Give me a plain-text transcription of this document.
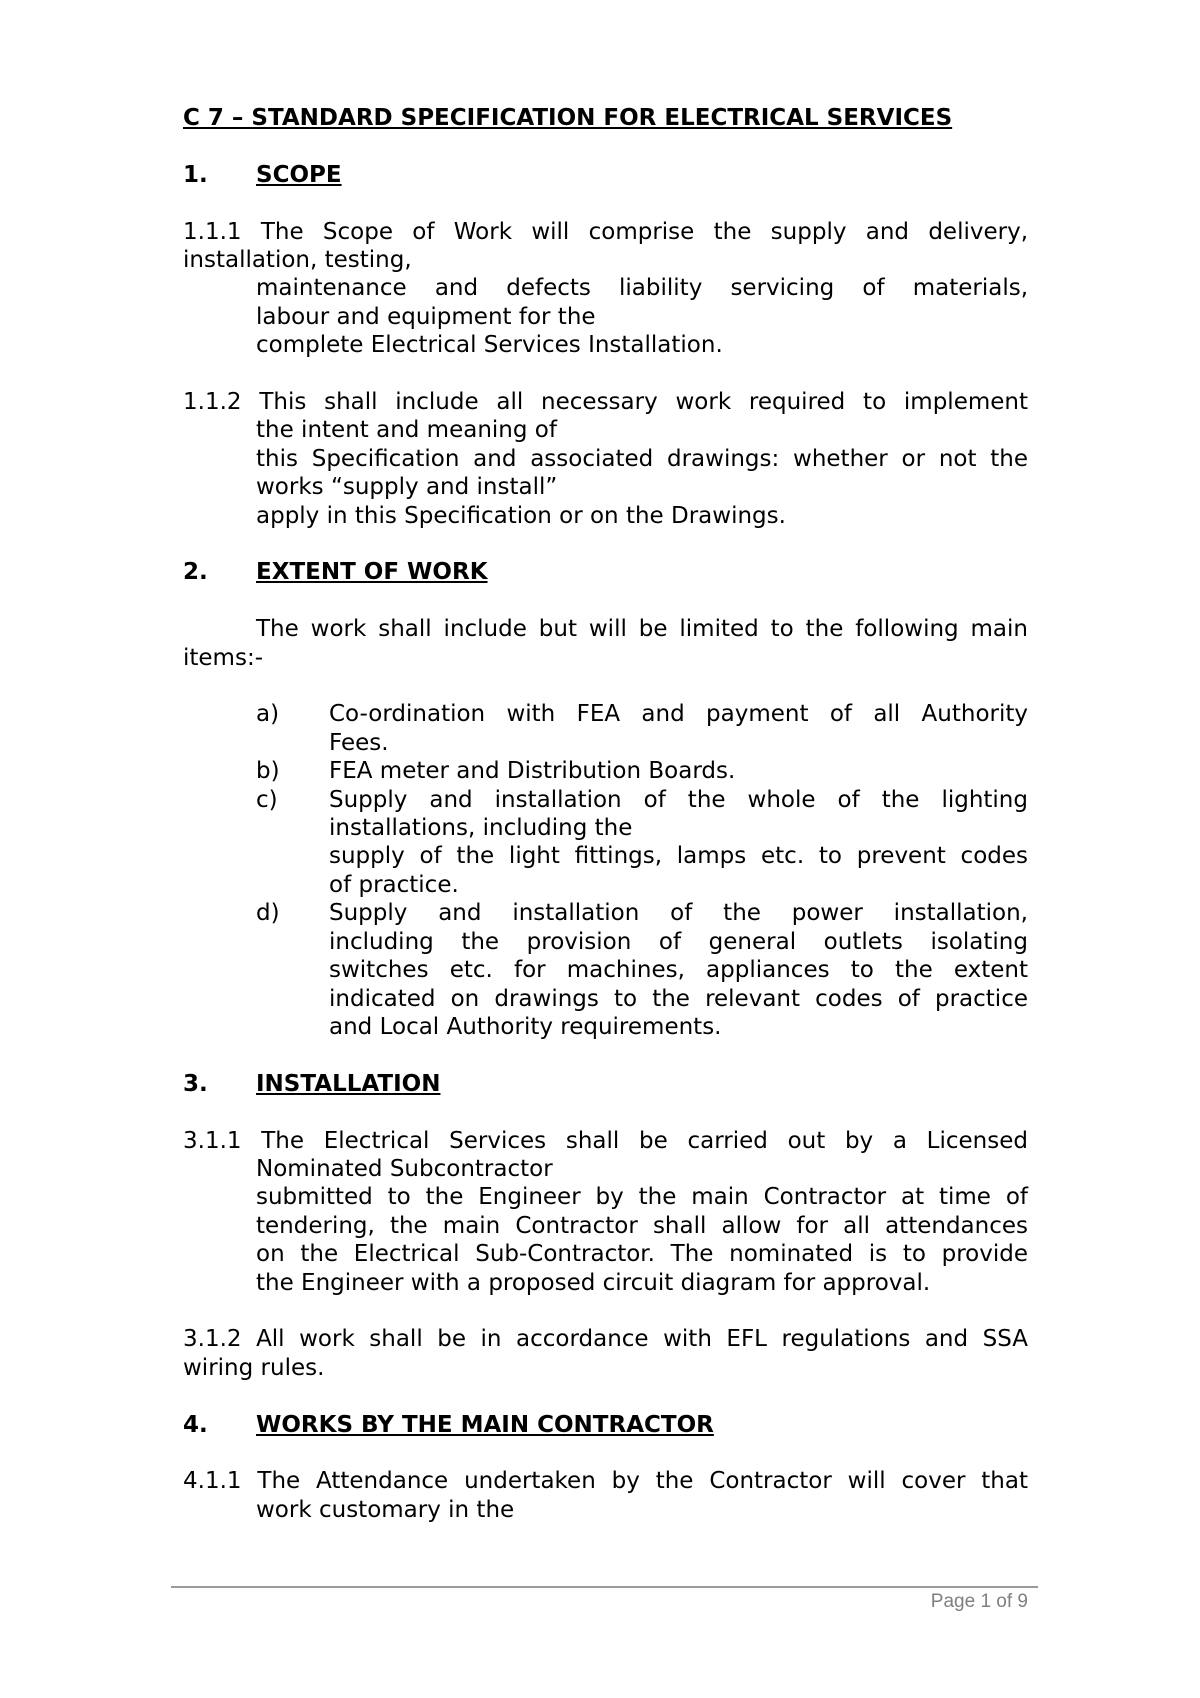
C 7 – STANDARD SPECIFICATION FOR ELECTRICAL SERVICES

1. SCOPE

1.1.1 The Scope of Work will comprise the supply and delivery,

installation, testing,

maintenance and defects liability servicing of materials,

labour and equipment for the

complete Electrical Services Installation.

1.1.2 This shall include all necessary work required to implement

the intent and meaning of

this Specification and associated drawings: whether or not the

works “supply and install”

apply in this Specification or on the Drawings.

2. EXTENT OF WORK

The work shall include but will be limited to the following main

items:-

a)	Co-ordination with FEA and payment of all Authority

Fees.

b)	FEA meter and Distribution Boards.

c)	Supply and installation of the whole of the lighting

installations, including the

supply of the light fittings, lamps etc. to prevent codes

of practice.

d)	Supply and installation of the power installation,

including the provision of general outlets isolating

switches etc. for machines, appliances to the extent

indicated on drawings to the relevant codes of practice

and Local Authority requirements.

3. INSTALLATION

3.1.1 The Electrical Services shall be carried out by a Licensed

Nominated Subcontractor

submitted to the Engineer by the main Contractor at time of

tendering, the main Contractor shall allow for all attendances

on the Electrical Sub-Contractor. The nominated is to provide

the Engineer with a proposed circuit diagram for approval.

3.1.2 All work shall be in accordance with EFL regulations and SSA

wiring rules.

4. WORKS BY THE MAIN CONTRACTOR

4.1.1 The Attendance undertaken by the Contractor will cover that

work customary in the

Page 1 of 9
